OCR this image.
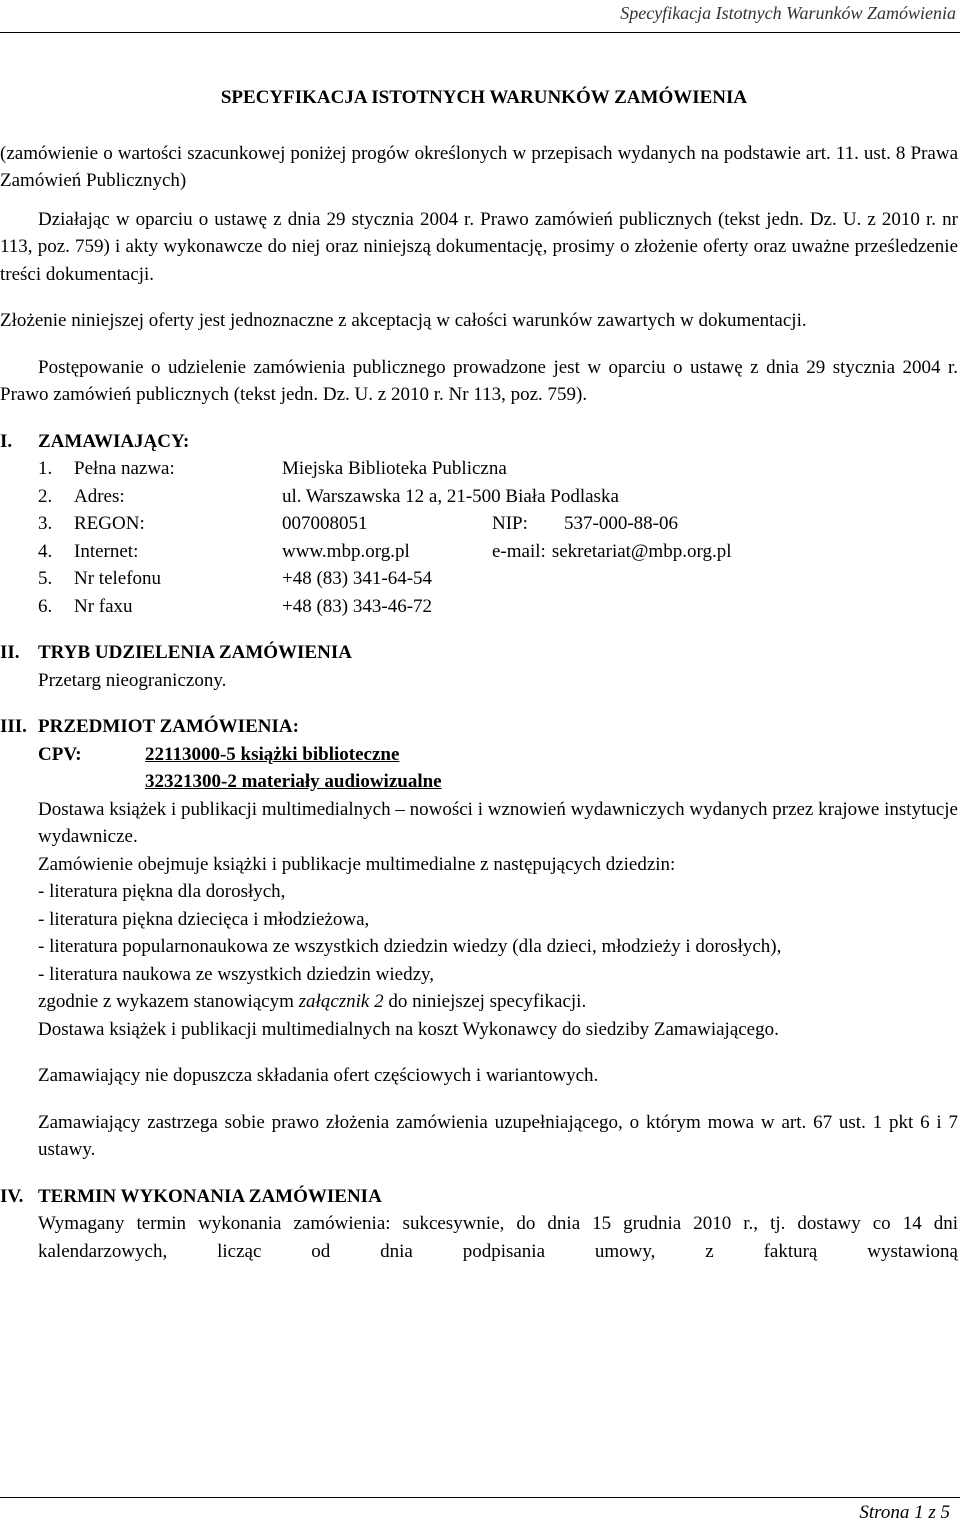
Specyfikacja Istotnych Warunków Zamówienia
SPECYFIKACJA ISTOTNYCH WARUNKÓW ZAMÓWIENIA

(zamówienie o wartości szacunkowej poniżej progów określonych w przepisach wydanych na podstawie art. 11. ust. 8 Prawa Zamówień Publicznych)

Działając w oparciu o ustawę z dnia 29 stycznia 2004 r. Prawo zamówień publicznych (tekst jedn. Dz. U. z 2010 r. nr 113, poz. 759) i akty wykonawcze do niej oraz niniejszą dokumentację, prosimy o złożenie oferty oraz uważne prześledzenie treści dokumentacji.

Złożenie niniejszej oferty jest jednoznaczne z akceptacją w całości warunków zawartych w dokumentacji.

Postępowanie o udzielenie zamówienia publicznego prowadzone jest w oparciu o ustawę z dnia 29 stycznia 2004 r. Prawo zamówień publicznych (tekst jedn. Dz. U. z 2010 r. Nr 113, poz. 759).

I.	ZAMAWIAJĄCY:
1.	Pełna nazwa:	Miejska Biblioteka Publiczna
2.	Adres:	ul. Warszawska 12 a, 21-500 Biała Podlaska
3.	REGON:	007008051	NIP:	537-000-88-06
4.	Internet:	www.mbp.org.pl	e-mail: sekretariat@mbp.org.pl
5.	Nr telefonu	+48 (83) 341-64-54
6.	Nr faxu	+48 (83) 343-46-72
II. TRYB UDZIELENIA ZAMÓWIENIA
Przetarg nieograniczony.
III. PRZEDMIOT ZAMÓWIENIA:
CPV:	22113000-5 książki biblioteczne
32321300-2 materiały audiowizualne

Dostawa książek i publikacji multimedialnych – nowości i wznowień wydawniczych wydanych przez krajowe instytucje wydawnicze.

Zamówienie obejmuje książki i publikacje multimedialne z następujących dziedzin:

- literatura piękna dla dorosłych,

- literatura piękna dziecięca i młodzieżowa,

- literatura popularnonaukowa ze wszystkich dziedzin wiedzy (dla dzieci, młodzieży i dorosłych),

- literatura naukowa ze wszystkich dziedzin wiedzy,

zgodnie z wykazem stanowiącym załącznik 2 do niniejszej specyfikacji.

Dostawa książek i publikacji multimedialnych na koszt Wykonawcy do siedziby Zamawiającego.

Zamawiający nie dopuszcza składania ofert częściowych i wariantowych.

Zamawiający zastrzega sobie prawo złożenia zamówienia uzupełniającego, o którym mowa w art. 67 ust. 1 pkt 6 i 7 ustawy.

IV. TERMIN WYKONANIA ZAMÓWIENIA

Wymagany termin wykonania zamówienia: sukcesywnie, do dnia 15 grudnia 2010 r., tj. dostawy co 14 dni kalendarzowych, licząc od dnia podpisania umowy, z fakturą wystawioną

Strona 1 z 5
